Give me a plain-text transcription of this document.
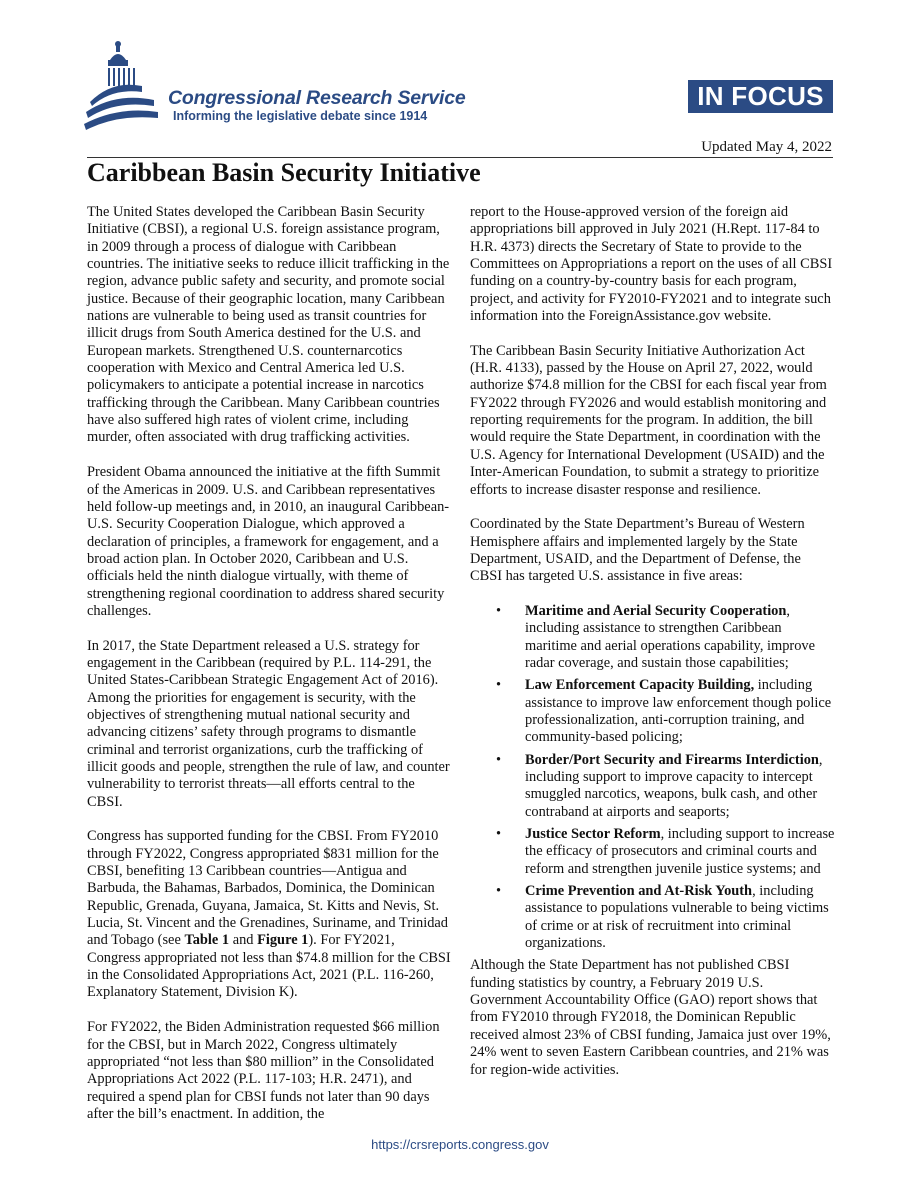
Congressional Research Service
Informing the legislative debate since 1914
IN FOCUS
Updated May 4, 2022
Caribbean Basin Security Initiative

The United States developed the Caribbean Basin Security Initiative (CBSI), a regional U.S. foreign assistance program, in 2009 through a process of dialogue with Caribbean countries. The initiative seeks to reduce illicit trafficking in the region, advance public safety and security, and promote social justice. Because of their geographic location, many Caribbean nations are vulnerable to being used as transit countries for illicit drugs from South America destined for the U.S. and European markets. Strengthened U.S. counternarcotics cooperation with Mexico and Central America led U.S. policymakers to anticipate a potential increase in narcotics trafficking through the Caribbean. Many Caribbean countries have also suffered high rates of violent crime, including murder, often associated with drug trafficking activities.

President Obama announced the initiative at the fifth Summit of the Americas in 2009. U.S. and Caribbean representatives held follow-up meetings and, in 2010, an inaugural Caribbean-U.S. Security Cooperation Dialogue, which approved a declaration of principles, a framework for engagement, and a broad action plan. In October 2020, Caribbean and U.S. officials held the ninth dialogue virtually, with theme of strengthening regional coordination to address shared security challenges.

In 2017, the State Department released a U.S. strategy for engagement in the Caribbean (required by P.L. 114-291, the United States-Caribbean Strategic Engagement Act of 2016). Among the priorities for engagement is security, with the objectives of strengthening mutual national security and advancing citizens’ safety through programs to dismantle criminal and terrorist organizations, curb the trafficking of illicit goods and people, strengthen the rule of law, and counter vulnerability to terrorist threats—all efforts central to the CBSI.

Congress has supported funding for the CBSI. From FY2010 through FY2022, Congress appropriated $831 million for the CBSI, benefiting 13 Caribbean countries—Antigua and Barbuda, the Bahamas, Barbados, Dominica, the Dominican Republic, Grenada, Guyana, Jamaica, St. Kitts and Nevis, St. Lucia, St. Vincent and the Grenadines, Suriname, and Trinidad and Tobago (see Table 1 and Figure 1). For FY2021, Congress appropriated not less than $74.8 million for the CBSI in the Consolidated Appropriations Act, 2021 (P.L. 116-260, Explanatory Statement, Division K).

For FY2022, the Biden Administration requested $66 million for the CBSI, but in March 2022, Congress ultimately appropriated “not less than $80 million” in the Consolidated Appropriations Act 2022 (P.L. 117-103; H.R. 2471), and required a spend plan for CBSI funds not later than 90 days after the bill’s enactment. In addition, the

report to the House-approved version of the foreign aid appropriations bill approved in July 2021 (H.Rept. 117-84 to H.R. 4373) directs the Secretary of State to provide to the Committees on Appropriations a report on the uses of all CBSI funding on a country-by-country basis for each program, project, and activity for FY2010-FY2021 and to integrate such information into the ForeignAssistance.gov website.

The Caribbean Basin Security Initiative Authorization Act (H.R. 4133), passed by the House on April 27, 2022, would authorize $74.8 million for the CBSI for each fiscal year from FY2022 through FY2026 and would establish monitoring and reporting requirements for the program. In addition, the bill would require the State Department, in coordination with the U.S. Agency for International Development (USAID) and the Inter-American Foundation, to submit a strategy to prioritize efforts to increase disaster response and resilience.

Coordinated by the State Department’s Bureau of Western Hemisphere affairs and implemented largely by the State Department, USAID, and the Department of Defense, the CBSI has targeted U.S. assistance in five areas:

• Maritime and Aerial Security Cooperation, including assistance to strengthen Caribbean maritime and aerial operations capability, improve radar coverage, and sustain those capabilities;
• Law Enforcement Capacity Building, including assistance to improve law enforcement though police professionalization, anti-corruption training, and community-based policing;
• Border/Port Security and Firearms Interdiction, including support to improve capacity to intercept smuggled narcotics, weapons, bulk cash, and other contraband at airports and seaports;
• Justice Sector Reform, including support to increase the efficacy of prosecutors and criminal courts and reform and strengthen juvenile justice systems; and
• Crime Prevention and At-Risk Youth, including assistance to populations vulnerable to being victims of crime or at risk of recruitment into criminal organizations.

Although the State Department has not published CBSI funding statistics by country, a February 2019 U.S. Government Accountability Office (GAO) report shows that from FY2010 through FY2018, the Dominican Republic received almost 23% of CBSI funding, Jamaica just over 19%, 24% went to seven Eastern Caribbean countries, and 21% was for region-wide activities.

https://crsreports.congress.gov
